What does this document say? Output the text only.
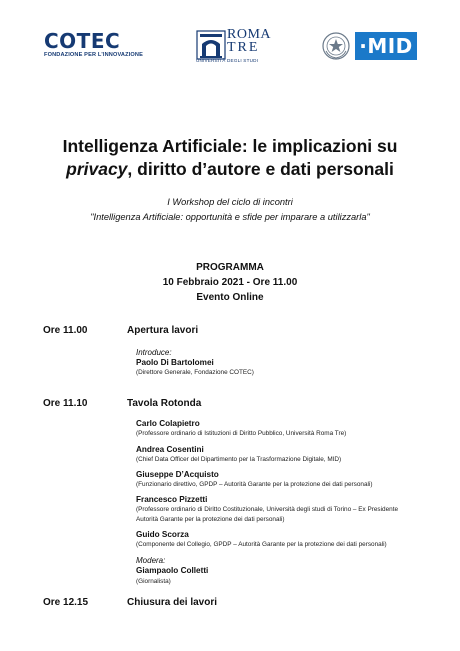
COTEC
FONDAZIONE PER L'INNOVAZIONE
ROMA
TRE
UNIVERSITÀ DEGLI STUDI
·MID
Intelligenza Artificiale: le implicazioni su
privacy, diritto d’autore e dati personali
I Workshop del ciclo di incontri
"Intelligenza Artificiale: opportunità e sfide per imparare a utilizzarla"
PROGRAMMA
10 Febbraio 2021 - Ore 11.00
Evento Online
Ore 11.00	Apertura lavori
Introduce:
Paolo Di Bartolomei
(Direttore Generale, Fondazione COTEC)
Ore 11.10	Tavola Rotonda
Carlo Colapietro
(Professore ordinario di Istituzioni di Diritto Pubblico, Università Roma Tre)
Andrea Cosentini
(Chief Data Officer del Dipartimento per la Trasformazione Digitale, MID)
Giuseppe D’Acquisto
(Funzionario direttivo, GPDP – Autorità Garante per la protezione dei dati personali)
Francesco Pizzetti
(Professore ordinario di Diritto Costituzionale, Università degli studi di Torino – Ex Presidente
Autorità Garante per la protezione dei dati personali)
Guido Scorza
(Componente del Collegio, GPDP – Autorità Garante per la protezione dei dati personali)
Modera:
Giampaolo Colletti
(Giornalista)
Ore 12.15	Chiusura dei lavori
